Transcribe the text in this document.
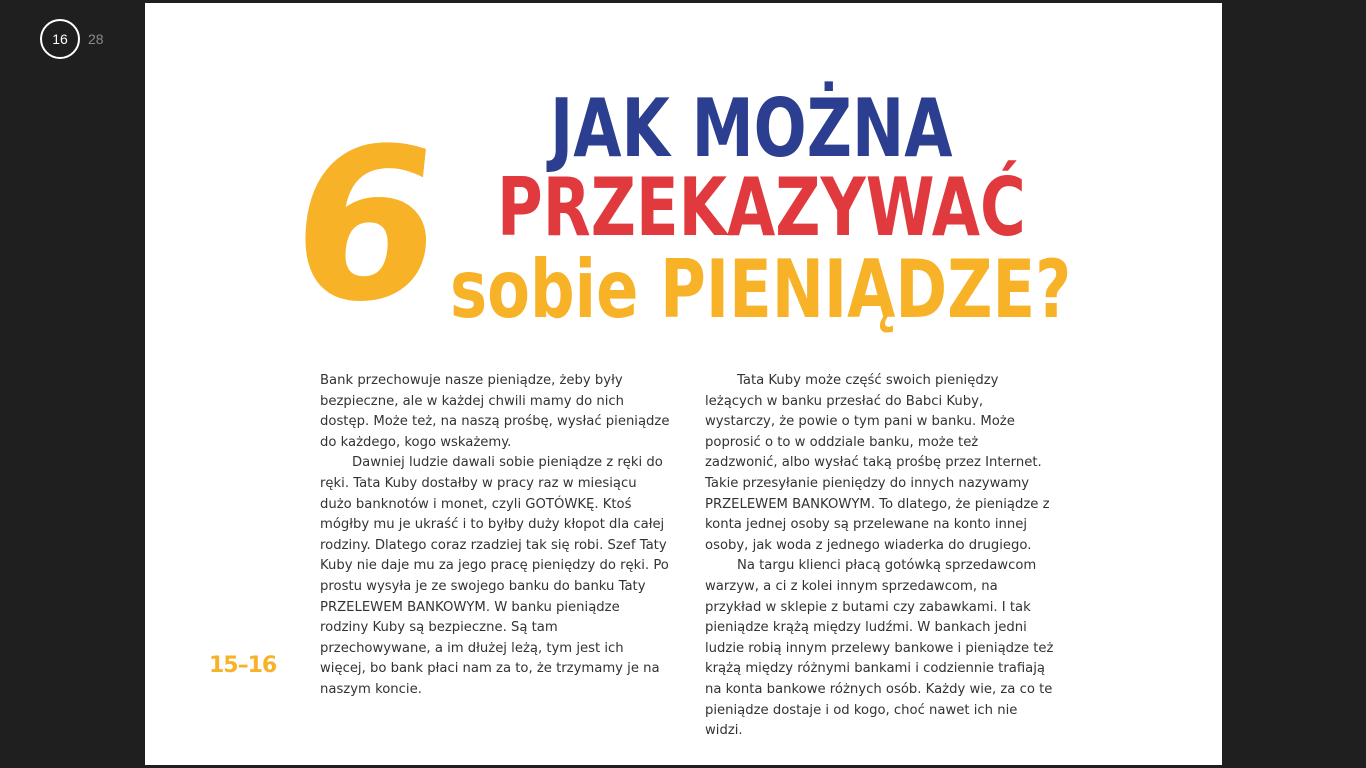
16	28
6 JAK MOŻNA
PRZEKAZYWAĆ
sobie PIENIĄDZE?
15–16

Bank przechowuje nasze pieniądze, żeby były bezpieczne, ale w każdej chwili mamy do nich dostęp. Może też, na naszą prośbę, wysłać pieniądze do każdego, kogo wskażemy.

Dawniej ludzie dawali sobie pieniądze z ręki do ręki. Tata Kuby dostałby w pracy raz w miesiącu dużo banknotów i monet, czyli GOTÓWKĘ. Ktoś mógłby mu je ukraść i to byłby duży kłopot dla całej rodziny. Dlatego coraz rzadziej tak się robi. Szef Taty Kuby nie daje mu za jego pracę pieniędzy do ręki. Po prostu wysyła je ze swojego banku do banku Taty PRZELEWEM BANKOWYM. W banku pieniądze rodziny Kuby są bezpieczne. Są tam przechowywane, a im dłużej leżą, tym jest ich więcej, bo bank płaci nam za to, że trzymamy je na naszym koncie.

Tata Kuby może część swoich pieniędzy leżących w banku przesłać do Babci Kuby, wystarczy, że powie o tym pani w banku. Może poprosić o to w oddziale banku, może też zadzwonić, albo wysłać taką prośbę przez Internet. Takie przesyłanie pieniędzy do innych nazywamy PRZELEWEM BANKOWYM. To dlatego, że pieniądze z konta jednej osoby są przelewane na konto innej osoby, jak woda z jednego wiaderka do drugiego.

Na targu klienci płacą gotówką sprzedawcom warzyw, a ci z kolei innym sprzedawcom, na przykład w sklepie z butami czy zabawkami. I tak pieniądze krążą między ludźmi. W bankach jedni ludzie robią innym przelewy bankowe i pieniądze też krążą między różnymi bankami i codziennie trafiają na konta bankowe różnych osób. Każdy wie, za co te pieniądze dostaje i od kogo, choć nawet ich nie widzi.
